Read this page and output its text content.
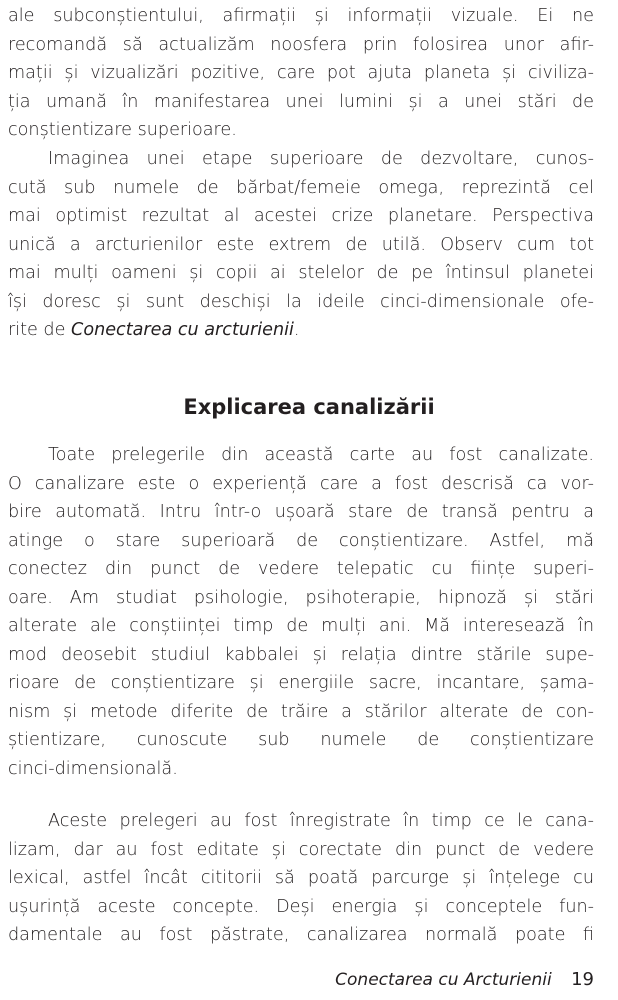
ale subconștientului, afirmații și informații vizuale. Ei ne
recomandă să actualizăm noosfera prin folosirea unor afir-
mații și vizualizări pozitive, care pot ajuta planeta și civiliza-
ția umană în manifestarea unei lumini și a unei stări de
conștientizare superioare.
Imaginea unei etape superioare de dezvoltare, cunos-
cută sub numele de bărbat/femeie omega, reprezintă cel
mai optimist rezultat al acestei crize planetare. Perspectiva
unică a arcturienilor este extrem de utilă. Observ cum tot
mai mulți oameni și copii ai stelelor de pe întinsul planetei
își doresc și sunt deschiși la ideile cinci-dimensionale ofe-
rite de Conectarea cu arcturienii.
Explicarea canalizării
Toate prelegerile din această carte au fost canalizate.
O canalizare este o experiență care a fost descrisă ca vor-
bire automată. Intru într-o ușoară stare de transă pentru a
atinge o stare superioară de conștientizare. Astfel, mă
conectez din punct de vedere telepatic cu ființe superi-
oare. Am studiat psihologie, psihoterapie, hipnoză și stări
alterate ale conștiinței timp de mulți ani. Mă interesează în
mod deosebit studiul kabbalei și relația dintre stările supe-
rioare de conștientizare și energiile sacre, incantare, șama-
nism și metode diferite de trăire a stărilor alterate de con-
știentizare, cunoscute sub numele de conștientizare
cinci-dimensională.
Aceste prelegeri au fost înregistrate în timp ce le cana-
lizam, dar au fost editate și corectate din punct de vedere
lexical, astfel încât cititorii să poată parcurge și înțelege cu
ușurință aceste concepte. Deși energia și conceptele fun-
damentale au fost păstrate, canalizarea normală poate fi
Conectarea cu Arcturienii 19
